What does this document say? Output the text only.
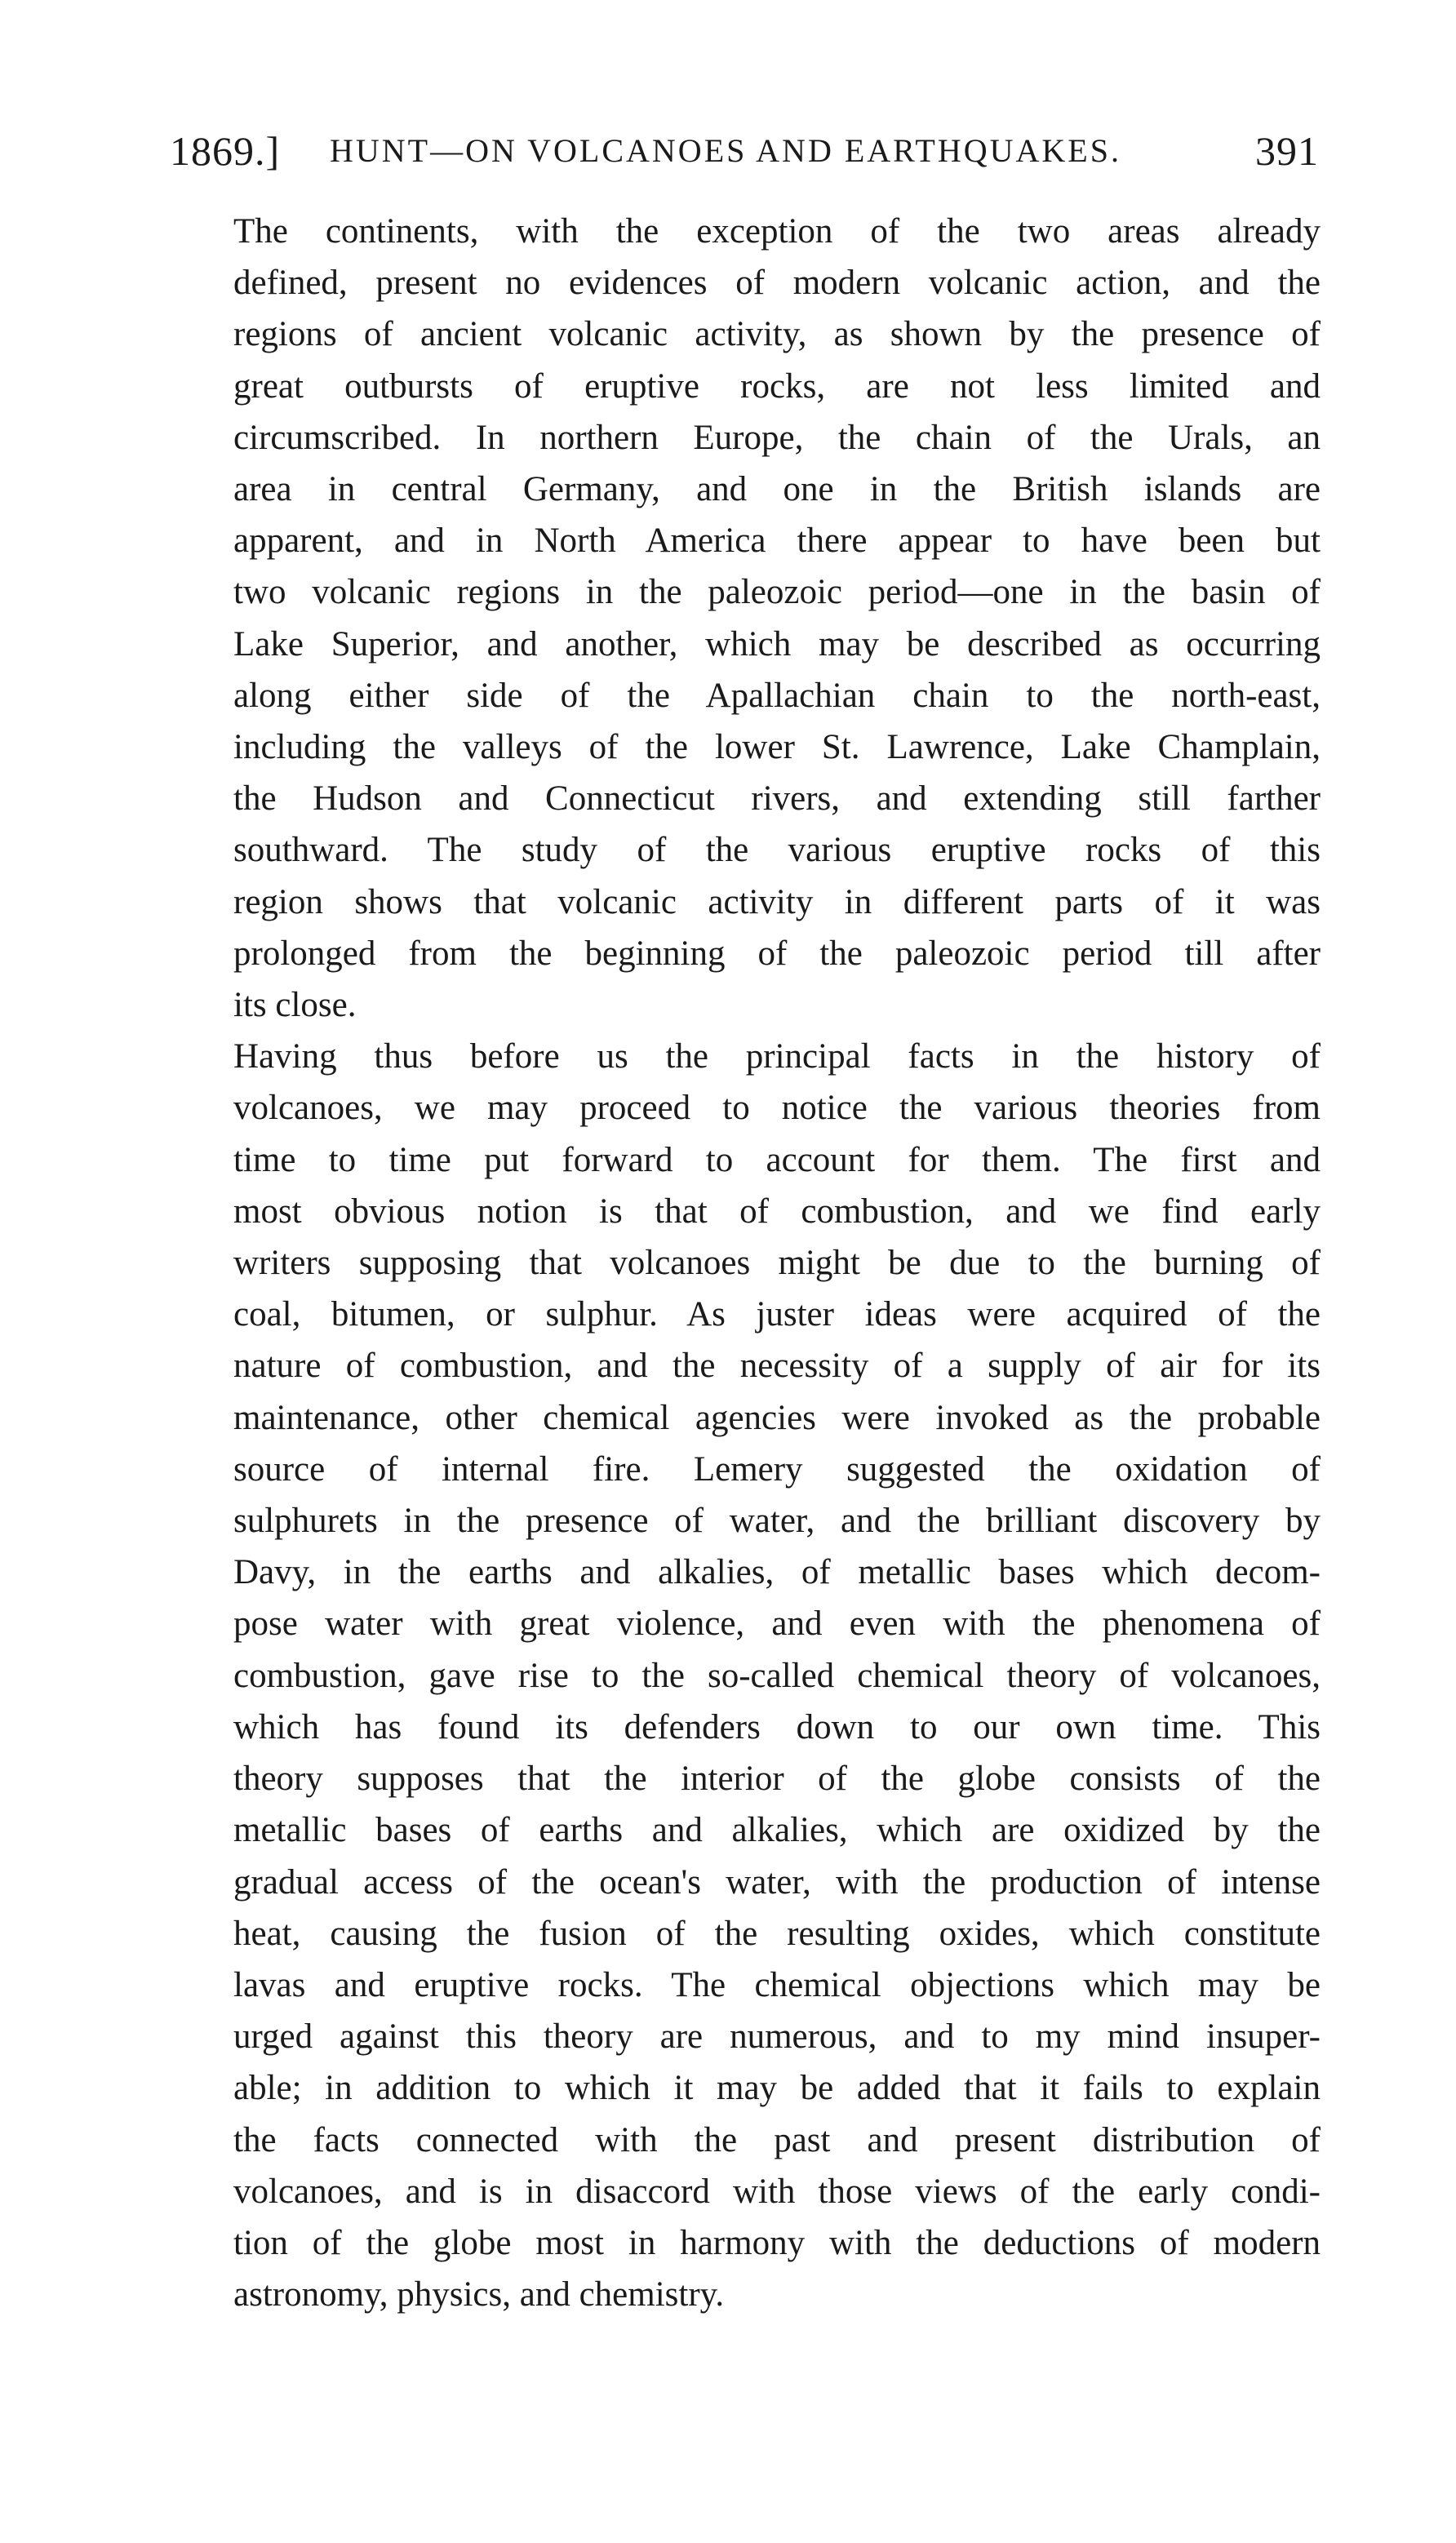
1869.] HUNT—ON VOLCANOES AND EARTHQUAKES.	391

The continents, with the exception of the two areas already
defined, present no evidences of modern volcanic action, and the
regions of ancient volcanic activity, as shown by the presence of
great outbursts of eruptive rocks, are not less limited and
circumscribed. In northern Europe, the chain of the Urals, an
area in central Germany, and one in the British islands are
apparent, and in North America there appear to have been but
two volcanic regions in the paleozoic period—one in the basin of
Lake Superior, and another, which may be described as occurring
along either side of the Apallachian chain to the north-east,
including the valleys of the lower St. Lawrence, Lake Champlain,
the Hudson and Connecticut rivers, and extending still farther
southward. The study of the various eruptive rocks of this
region shows that volcanic activity in different parts of it was
prolonged from the beginning of the paleozoic period till after
its close.

Having thus before us the principal facts in the history of
volcanoes, we may proceed to notice the various theories from
time to time put forward to account for them. The first and
most obvious notion is that of combustion, and we find early
writers supposing that volcanoes might be due to the burning of
coal, bitumen, or sulphur. As juster ideas were acquired of the
nature of combustion, and the necessity of a supply of air for its
maintenance, other chemical agencies were invoked as the probable
source of internal fire. Lemery suggested the oxidation of
sulphurets in the presence of water, and the brilliant discovery by
Davy, in the earths and alkalies, of metallic bases which decom-
pose water with great violence, and even with the phenomena of
combustion, gave rise to the so-called chemical theory of volcanoes,
which has found its defenders down to our own time. This
theory supposes that the interior of the globe consists of the
metallic bases of earths and alkalies, which are oxidized by the
gradual access of the ocean's water, with the production of intense
heat, causing the fusion of the resulting oxides, which constitute
lavas and eruptive rocks. The chemical objections which may be
urged against this theory are numerous, and to my mind insuper-
able; in addition to which it may be added that it fails to explain
the facts connected with the past and present distribution of
volcanoes, and is in disaccord with those views of the early condi-
tion of the globe most in harmony with the deductions of modern
astronomy, physics, and chemistry.
